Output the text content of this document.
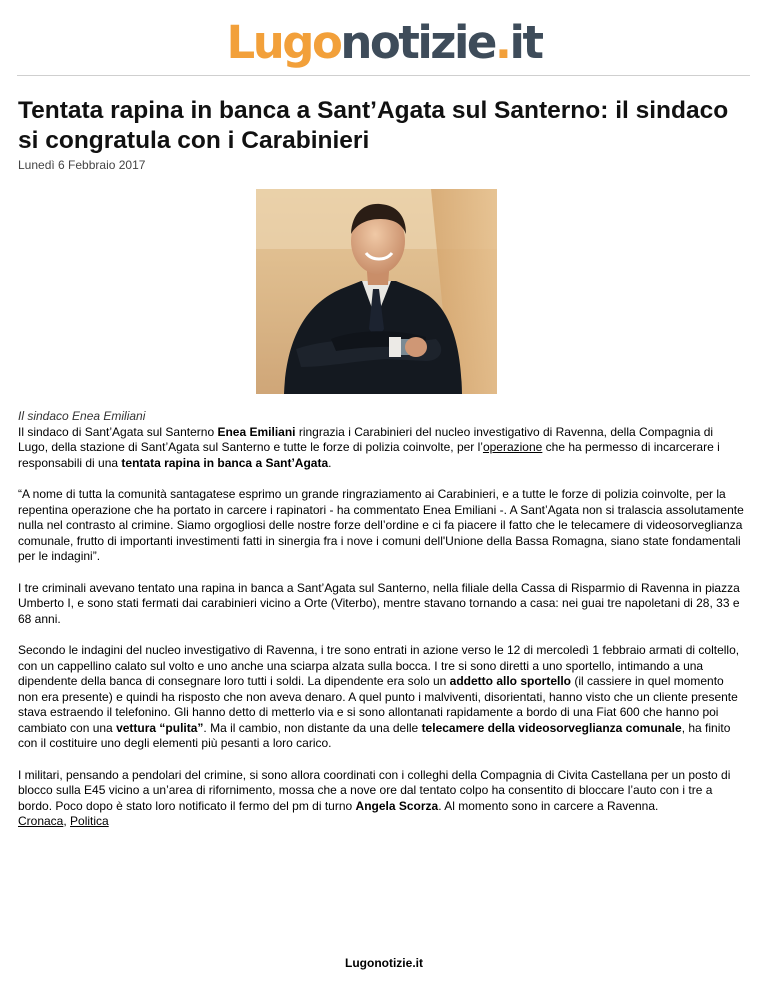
Lugonotizie.it
Tentata rapina in banca a Sant’Agata sul Santerno: il sindaco si congratula con i Carabinieri
Lunedì 6 Febbraio 2017
Il sindaco Enea Emiliani

Il sindaco di Sant’Agata sul Santerno Enea Emiliani ringrazia i Carabinieri del nucleo investigativo di Ravenna, della Compagnia di Lugo, della stazione di Sant’Agata sul Santerno e tutte le forze di polizia coinvolte, per l’operazione che ha permesso di incarcerare i responsabili di una tentata rapina in banca a Sant’Agata.

“A nome di tutta la comunità santagatese esprimo un grande ringraziamento ai Carabinieri, e a tutte le forze di polizia coinvolte, per la repentina operazione che ha portato in carcere i rapinatori - ha commentato Enea Emiliani -. A Sant’Agata non si tralascia assolutamente nulla nel contrasto al crimine. Siamo orgogliosi delle nostre forze dell’ordine e ci fa piacere il fatto che le telecamere di videosorveglianza comunale, frutto di importanti investimenti fatti in sinergia fra i nove i comuni dell'Unione della Bassa Romagna, siano state fondamentali per le indagini”.

I tre criminali avevano tentato una rapina in banca a Sant’Agata sul Santerno, nella filiale della Cassa di Risparmio di Ravenna in piazza Umberto I, e sono stati fermati dai carabinieri vicino a Orte (Viterbo), mentre stavano tornando a casa: nei guai tre napoletani di 28, 33 e 68 anni.

Secondo le indagini del nucleo investigativo di Ravenna, i tre sono entrati in azione verso le 12 di mercoledì 1 febbraio armati di coltello, con un cappellino calato sul volto e uno anche una sciarpa alzata sulla bocca. I tre si sono diretti a uno sportello, intimando a una dipendente della banca di consegnare loro tutti i soldi. La dipendente era solo un addetto allo sportello (il cassiere in quel momento non era presente) e quindi ha risposto che non aveva denaro. A quel punto i malviventi, disorientati, hanno visto che un cliente presente stava estraendo il telefonino. Gli hanno detto di metterlo via e si sono allontanati rapidamente a bordo di una Fiat 600 che hanno poi cambiato con una vettura “pulita”. Ma il cambio, non distante da una delle telecamere della videosorveglianza comunale, ha finito con il costituire uno degli elementi più pesanti a loro carico.

I militari, pensando a pendolari del crimine, si sono allora coordinati con i colleghi della Compagnia di Civita Castellana per un posto di blocco sulla E45 vicino a un’area di rifornimento, mossa che a nove ore dal tentato colpo ha consentito di bloccare l’auto con i tre a bordo. Poco dopo è stato loro notificato il fermo del pm di turno Angela Scorza. Al momento sono in carcere a Ravenna.
Cronaca, Politica
Lugonotizie.it
